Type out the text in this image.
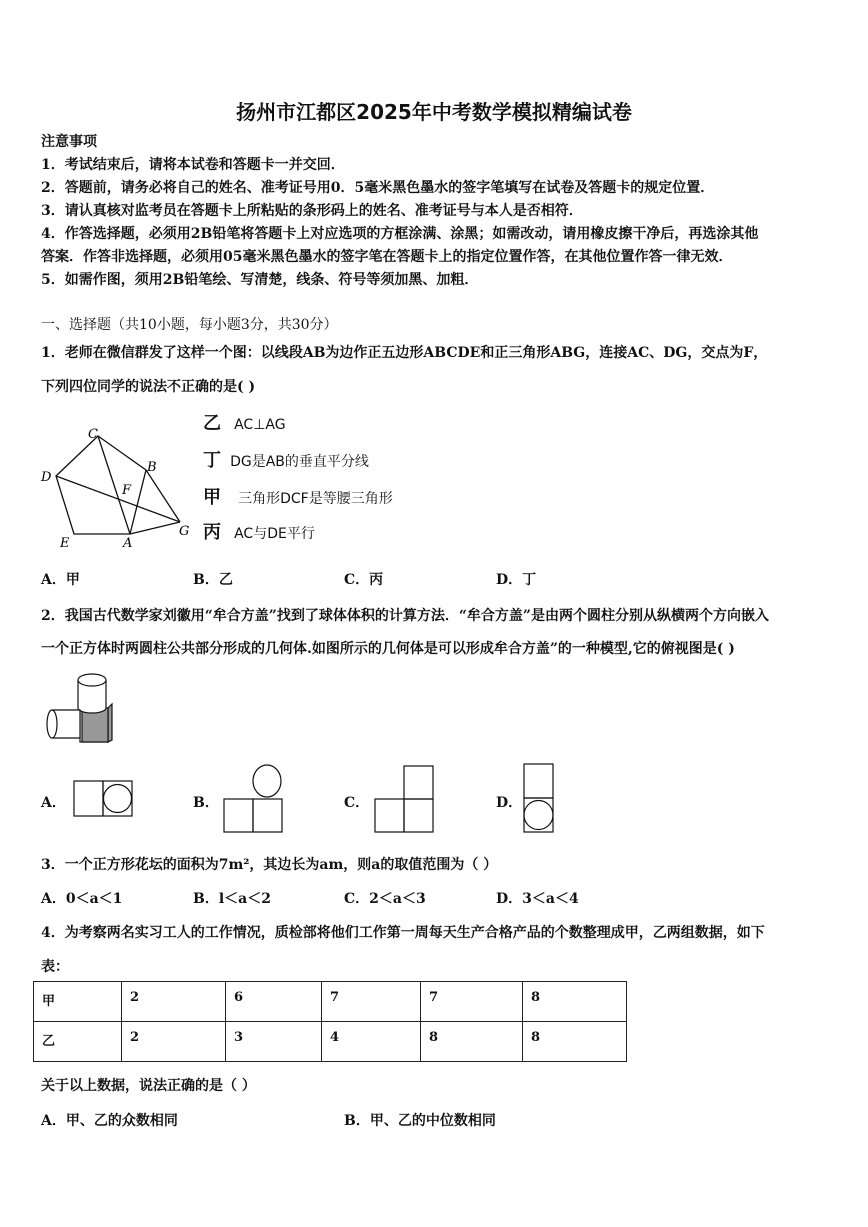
扬州市江都区2025年中考数学模拟精编试卷
注意事项
1．考试结束后，请将本试卷和答题卡一并交回．
2．答题前，请务必将自己的姓名、准考证号用0．5毫米黑色墨水的签字笔填写在试卷及答题卡的规定位置．
3．请认真核对监考员在答题卡上所粘贴的条形码上的姓名、准考证号与本人是否相符．
4．作答选择题，必须用2B铅笔将答题卡上对应选项的方框涂满、涂黑；如需改动，请用橡皮擦干净后，再选涂其他
答案．作答非选择题，必须用05毫米黑色墨水的签字笔在答题卡上的指定位置作答，在其他位置作答一律无效．
5．如需作图，须用2B铅笔绘、写清楚，线条、符号等须加黑、加粗．
一、选择题（共10小题，每小题3分，共30分）
1．老师在微信群发了这样一个图：以线段AB为边作正五边形ABCDE和正三角形ABG，连接AC、DG，交点为F，
下列四位同学的说法不正确的是( )
C
B
D
F
E	A
G
乙 AC⊥AG
丁 DG是AB的垂直平分线
甲 三角形DCF是等腰三角形
丙 AC与DE平行
A．甲	B．乙	C．丙	D．丁
2．我国古代数学家刘徽用“牟合方盖”找到了球体体积的计算方法．“牟合方盖”是由两个圆柱分别从纵横两个方向嵌入
一个正方体时两圆柱公共部分形成的几何体.如图所示的几何体是可以形成牟合方盖”的一种模型,它的俯视图是( )
A．	B．	C．	D．
3．一个正方形花坛的面积为7m²，其边长为am，则a的取值范围为（ ）
A．0＜a＜1	B．l＜a＜2	C．2＜a＜3	D．3＜a＜4
4．为考察两名实习工人的工作情况，质检部将他们工作第一周每天生产合格产品的个数整理成甲，乙两组数据，如下
表：
甲	2	6	7	7	8
乙	2	3	4	8	8
关于以上数据，说法正确的是（ ）
A．甲、乙的众数相同	B．甲、乙的中位数相同
